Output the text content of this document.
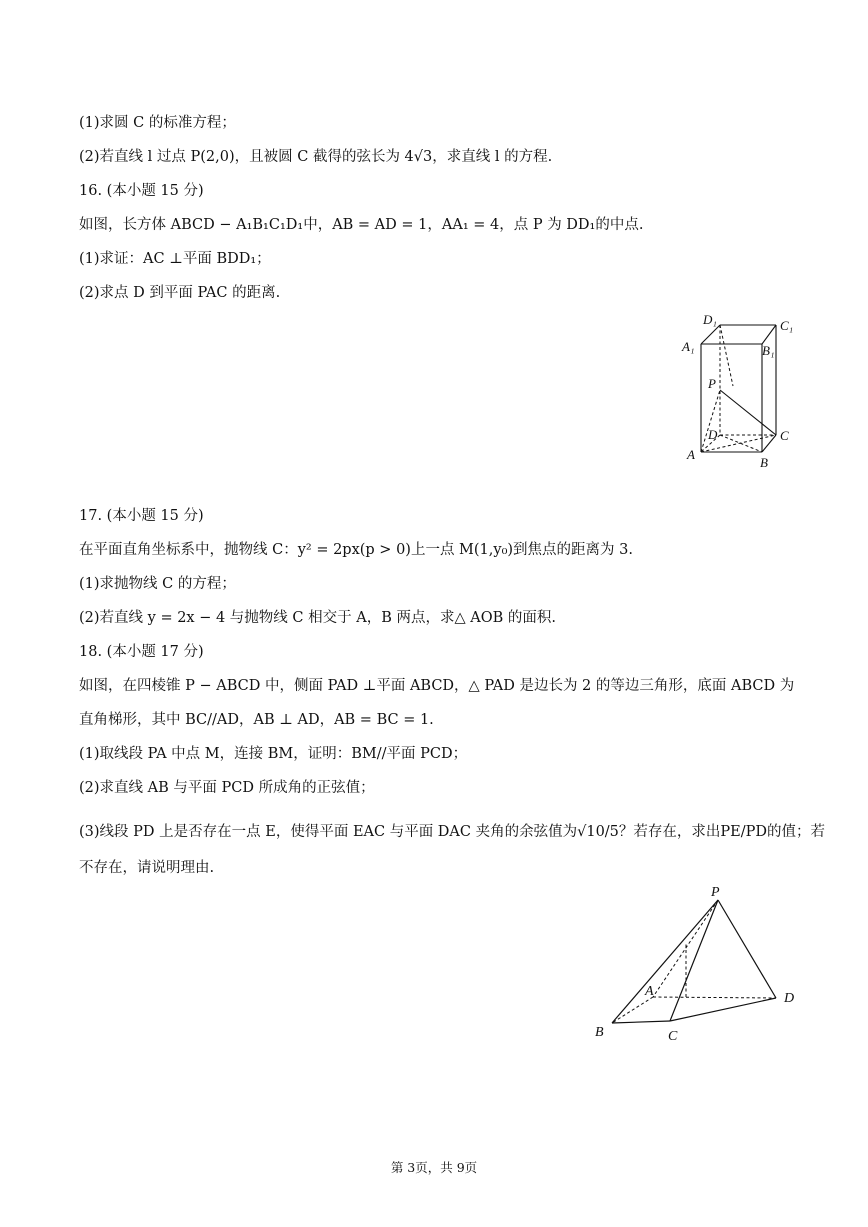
(1)求圆 C 的标准方程；
(2)若直线 l 过点 P(2,0)，且被圆 C 截得的弦长为 4√3，求直线 l 的方程.
16. (本小题 15 分)
如图，长方体 ABCD − A₁B₁C₁D₁中，AB = AD = 1，AA₁ = 4，点 P 为 DD₁的中点.
(1)求证：AC ⊥平面 BDD₁；
(2)求点 D 到平面 PAC 的距离.
D₁	C₁
A₁	B₁
P
D	C
A
B
17. (本小题 15 分)
在平面直角坐标系中，抛物线 C：y² = 2px(p > 0)上一点 M(1,y₀)到焦点的距离为 3.
(1)求抛物线 C 的方程；
(2)若直线 y = 2x − 4 与抛物线 C 相交于 A，B 两点，求△ AOB 的面积.
18. (本小题 17 分)
如图，在四棱锥 P − ABCD 中，侧面 PAD ⊥平面 ABCD，△ PAD 是边长为 2 的等边三角形，底面 ABCD 为
直角梯形，其中 BC//AD，AB ⊥ AD，AB = BC = 1.
(1)取线段 PA 中点 M，连接 BM，证明：BM//平面 PCD；
(2)求直线 AB 与平面 PCD 所成角的正弦值；
(3)线段 PD 上是否存在一点 E，使得平面 EAC 与平面 DAC 夹角的余弦值为√10/5？若存在，求出PE/PD的值；若
不存在，请说明理由.
P
A	D
B	C
第 3页，共 9页
